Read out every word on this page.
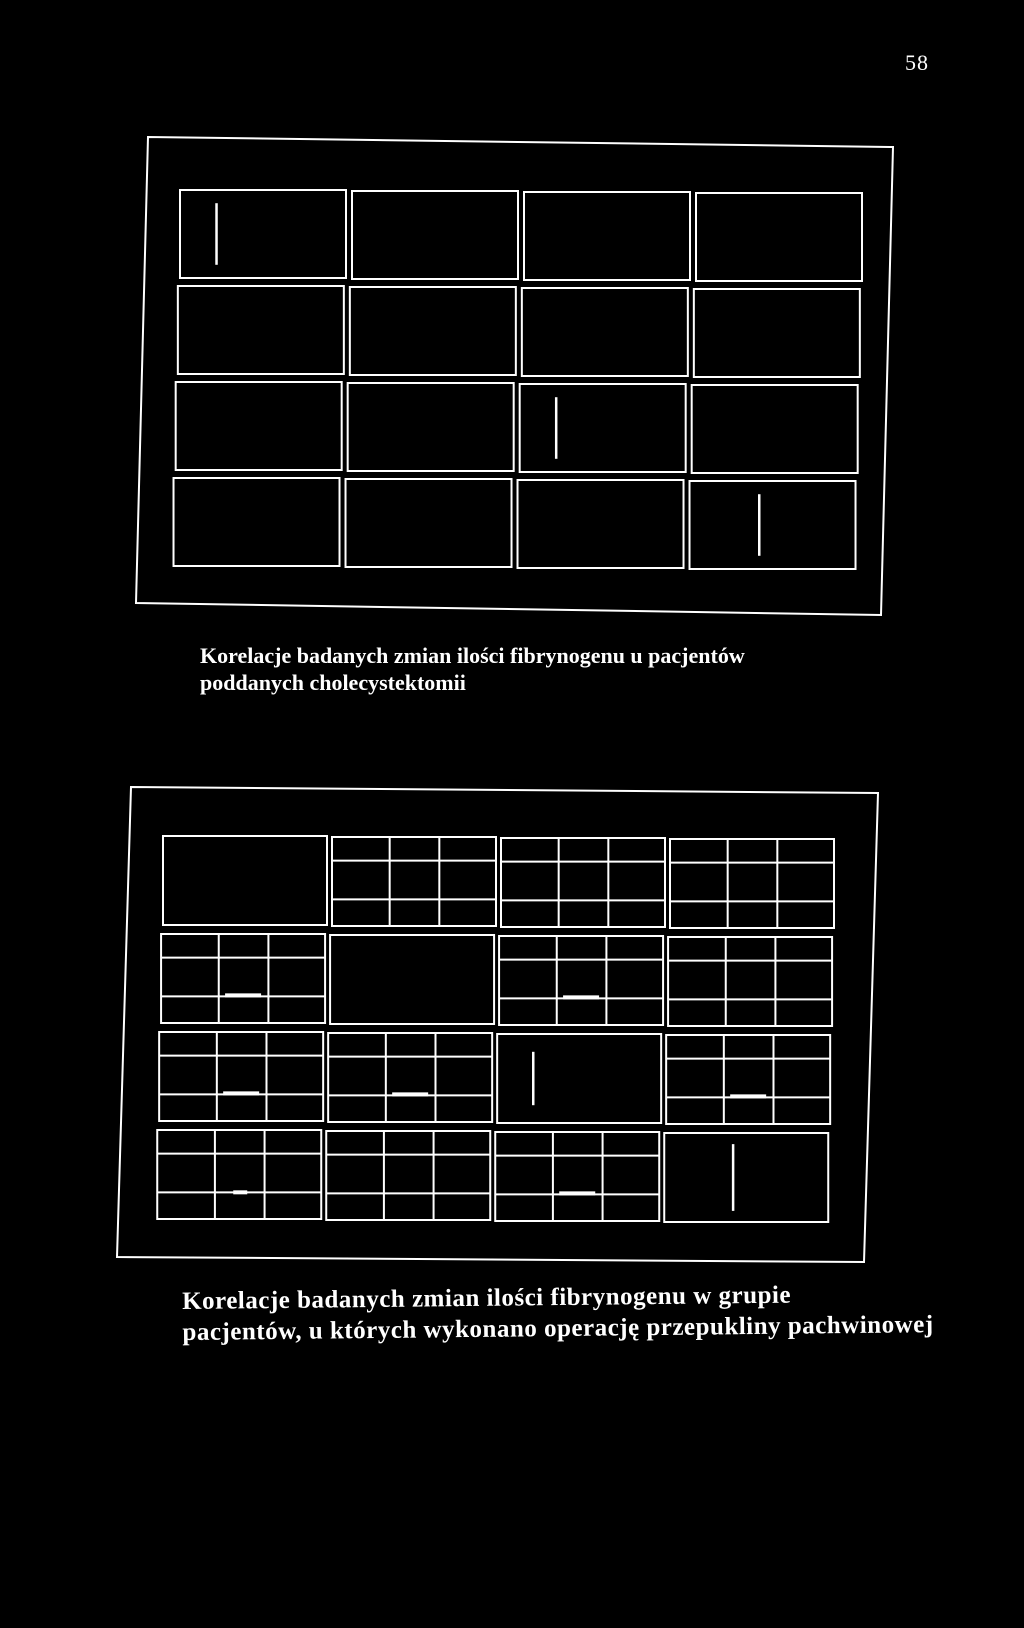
58
Korelacje badanych zmian ilości fibrynogenu u pacjentów
poddanych cholecystektomii
Korelacje badanych zmian ilości fibrynogenu w grupie
pacjentów, u których wykonano operację przepukliny pachwinowej
